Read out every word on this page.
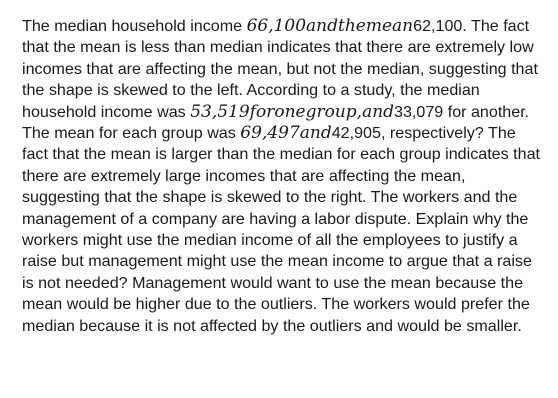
The median household income 66,100andthemean62,100. The fact that the mean is less than median indicates that there are extremely low incomes that are affecting the mean, but not the median, suggesting that the shape is skewed to the left. According to a study, the median household income was 53,519foronegroup,and33,079 for another. The mean for each group was 69,497and42,905, respectively? The fact that the mean is larger than the median for each group indicates that there are extremely large incomes that are affecting the mean, suggesting that the shape is skewed to the right. The workers and the management of a company are having a labor dispute. Explain why the workers might use the median income of all the employees to justify a raise but management might use the mean income to argue that a raise is not needed? Management would want to use the mean because the mean would be higher due to the outliers. The workers would prefer the median because it is not affected by the outliers and would be smaller.
